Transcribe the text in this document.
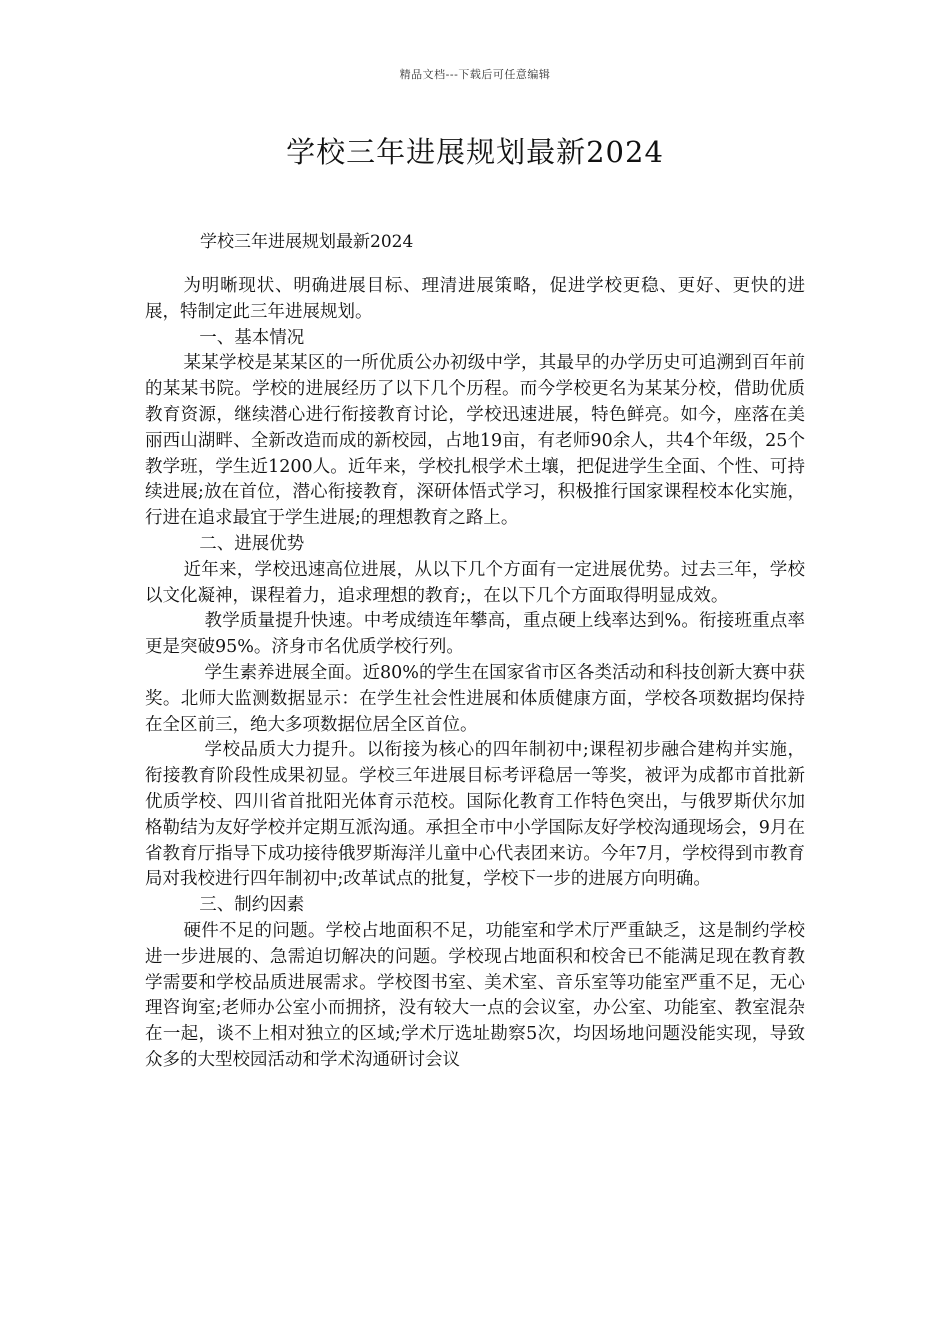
精品文档---下载后可任意编辑
学校三年进展规划最新2024

学校三年进展规划最新2024

为明晰现状、明确进展目标、理清进展策略，促进学校更稳、更好、更快的进展，特制定此三年进展规划。

一、基本情况

某某学校是某某区的一所优质公办初级中学，其最早的办学历史可追溯到百年前的某某书院。学校的进展经历了以下几个历程。而今学校更名为某某分校，借助优质教育资源，继续潜心进行衔接教育讨论，学校迅速进展，特色鲜亮。如今，座落在美丽西山湖畔、全新改造而成的新校园，占地19亩，有老师90余人，共4个年级，25个教学班，学生近1200人。近年来，学校扎根学术土壤，把促进学生全面、个性、可持续进展;放在首位，潜心衔接教育，深研体悟式学习，积极推行国家课程校本化实施，行进在追求最宜于学生进展;的理想教育之路上。

二、进展优势

近年来，学校迅速高位进展，从以下几个方面有一定进展优势。过去三年，学校以文化凝神，课程着力，追求理想的教育;，在以下几个方面取得明显成效。

教学质量提升快速。中考成绩连年攀高，重点硬上线率达到%。衔接班重点率更是突破95%。济身市名优质学校行列。

学生素养进展全面。近80%的学生在国家省市区各类活动和科技创新大赛中获奖。北师大监测数据显示：在学生社会性进展和体质健康方面，学校各项数据均保持在全区前三，绝大多项数据位居全区首位。

学校品质大力提升。以衔接为核心的四年制初中;课程初步融合建构并实施，衔接教育阶段性成果初显。学校三年进展目标考评稳居一等奖，被评为成都市首批新优质学校、四川省首批阳光体育示范校。国际化教育工作特色突出，与俄罗斯伏尔加格勒结为友好学校并定期互派沟通。承担全市中小学国际友好学校沟通现场会，9月在省教育厅指导下成功接待俄罗斯海洋儿童中心代表团来访。今年7月，学校得到市教育局对我校进行四年制初中;改革试点的批复，学校下一步的进展方向明确。

三、制约因素

硬件不足的问题。学校占地面积不足，功能室和学术厅严重缺乏，这是制约学校进一步进展的、急需迫切解决的问题。学校现占地面积和校舍已不能满足现在教育教学需要和学校品质进展需求。学校图书室、美术室、音乐室等功能室严重不足，无心理咨询室;老师办公室小而拥挤，没有较大一点的会议室，办公室、功能室、教室混杂在一起，谈不上相对独立的区域;学术厅选址勘察5次，均因场地问题没能实现，导致众多的大型校园活动和学术沟通研讨会议
